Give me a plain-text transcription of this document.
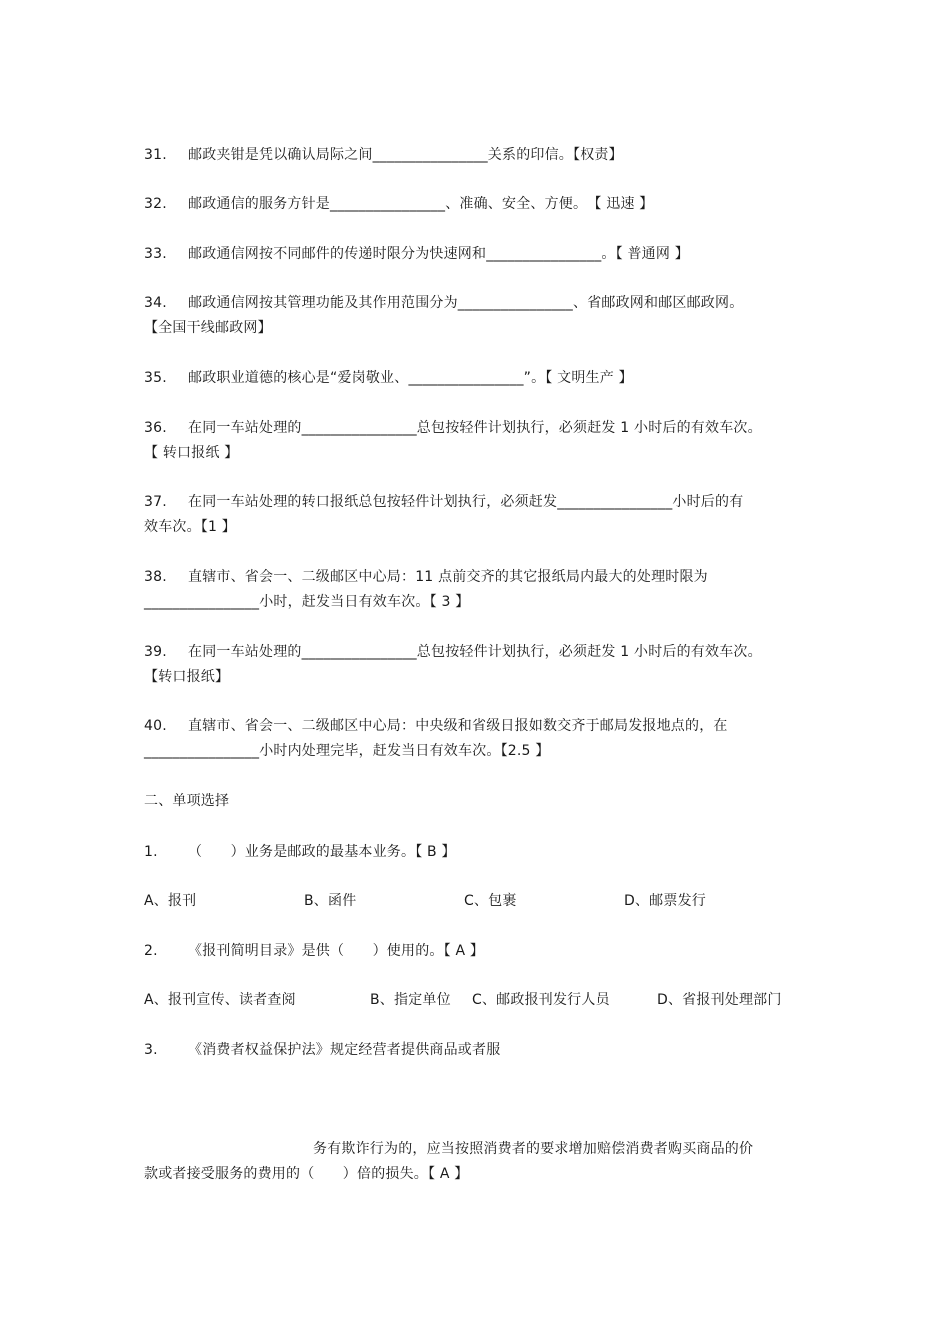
31. 邮政夹钳是凭以确认局际之间________________关系的印信。【权责】
32. 邮政通信的服务方针是________________、准确、安全、方便。　【 迅速 】
33. 邮政通信网按不同邮件的传递时限分为快速网和________________。【 普通网 】
34. 邮政通信网按其管理功能及其作用范围分为________________、省邮政网和邮区邮政网。
【全国干线邮政网】
35. 邮政职业道德的核心是“爱岗敬业、________________”。【 文明生产 】
36. 在同一车站处理的________________总包按轻件计划执行，必须赶发 1 小时后的有效车次。
【 转口报纸 】
37. 在同一车站处理的转口报纸总包按轻件计划执行，必须赶发________________小时后的有
效车次。【1 】
38. 直辖市、省会一、二级邮区中心局：11 点前交齐的其它报纸局内最大的处理时限为
________________小时，赶发当日有效车次。【 3 】
39. 在同一车站处理的________________总包按轻件计划执行，必须赶发 1 小时后的有效车次。
【转口报纸】
40. 直辖市、省会一、二级邮区中心局：中央级和省级日报如数交齐于邮局发报地点的，在
________________小时内处理完毕，赶发当日有效车次。【2.5 】
二、单项选择
1. （　　）业务是邮政的最基本业务。【 B 】
A、报刊	B、函件	C、包裹	D、邮票发行
2. 《报刊简明目录》是供（　　）使用的。【 A 】
A、报刊宣传、读者查阅	B、指定单位 C、邮政报刊发行人员	D、省报刊处理部门
3. 《消费者权益保护法》规定经营者提供商品或者服
务有欺诈行为的，应当按照消费者的要求增加赔偿消费者购买商品的价
款或者接受服务的费用的（　　）倍的损失。【 A 】
